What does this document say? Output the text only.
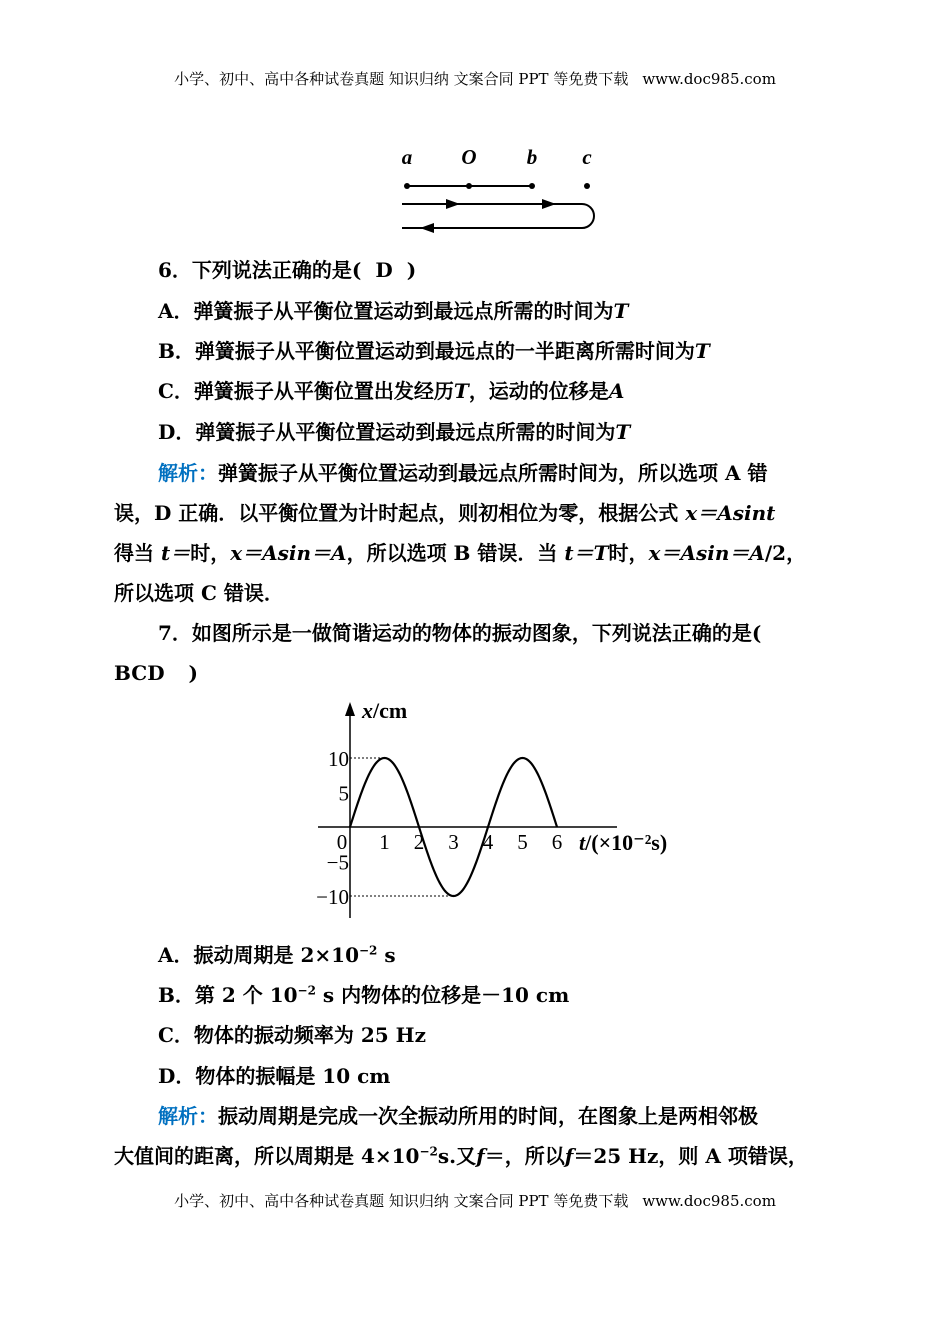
小学、初中、高中各种试卷真题 知识归纳 文案合同 PPT 等免费下载 www.doc985.com
a O b c
6．下列说法正确的是( D )
A．弹簧振子从平衡位置运动到最远点所需的时间为T
B．弹簧振子从平衡位置运动到最远点的一半距离所需时间为T
C．弹簧振子从平衡位置出发经历T，运动的位移是A
D．弹簧振子从平衡位置运动到最远点所需的时间为T
解析：弹簧振子从平衡位置运动到最远点所需时间为，所以选项 A 错
误，D 正确．以平衡位置为计时起点，则初相位为零，根据公式 x＝Asint
得当 t＝时，x＝Asin＝A，所以选项 B 错误．当 t＝T时，x＝Asin＝A/2，
所以选项 C 错误．
7．如图所示是一做简谐运动的物体的振动图象，下列说法正确的是(
BCD )
0 1 2 3 4 5 6
10
5
−5
−10
x/cm
t/(×10⁻²s)
A．振动周期是 $2\times 10^{-2}$ s
B．第 2 个 $10^{-2}$ s 内物体的位移是－10 cm
C．物体的振动频率为 25 Hz
D．物体的振幅是 10 cm
解析：振动周期是完成一次全振动所用的时间，在图象上是两相邻极
大值间的距离，所以周期是 $4\times 10^{-2}s$.又f＝，所以f＝25 Hz，则 A 项错误，
小学、初中、高中各种试卷真题 知识归纳 文案合同 PPT 等免费下载 www.doc985.com
